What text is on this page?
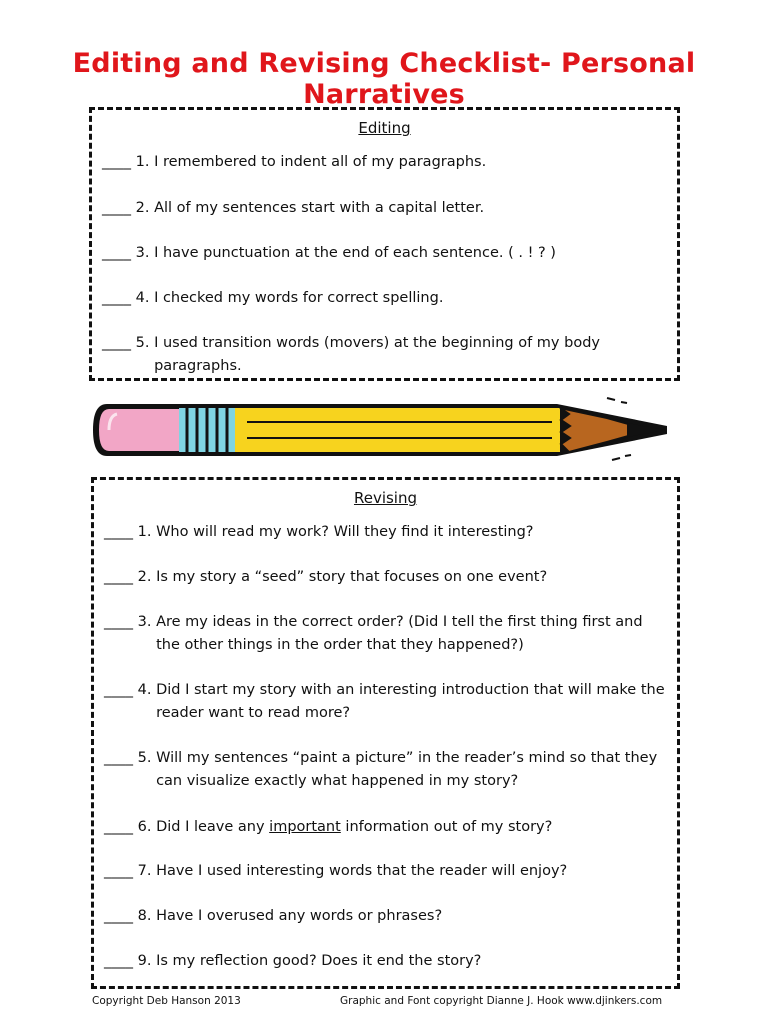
Editing and Revising Checklist- Personal Narratives
Editing
____ 1. I remembered to indent all of my paragraphs.
____ 2. All of my sentences start with a capital letter.
____ 3. I have punctuation at the end of each sentence. ( . ! ? )
____ 4. I checked my words for correct spelling.
____ 5. I used transition words (movers) at the beginning of my body paragraphs.
Revising
____ 1. Who will read my work? Will they find it interesting?
____ 2. Is my story a “seed” story that focuses on one event?
____ 3. Are my ideas in the correct order? (Did I tell the first thing first and the other things in the order that they happened?)
____ 4. Did I start my story with an interesting introduction that will make the reader want to read more?
____ 5. Will my sentences “paint a picture” in the reader’s mind so that they can visualize exactly what happened in my story?
____ 6. Did I leave any important information out of my story?
____ 7. Have I used interesting words that the reader will enjoy?
____ 8. Have I overused any words or phrases?
____ 9. Is my reflection good? Does it end the story?
Copyright Deb Hanson 2013	Graphic and Font copyright Dianne J. Hook www.djinkers.com
